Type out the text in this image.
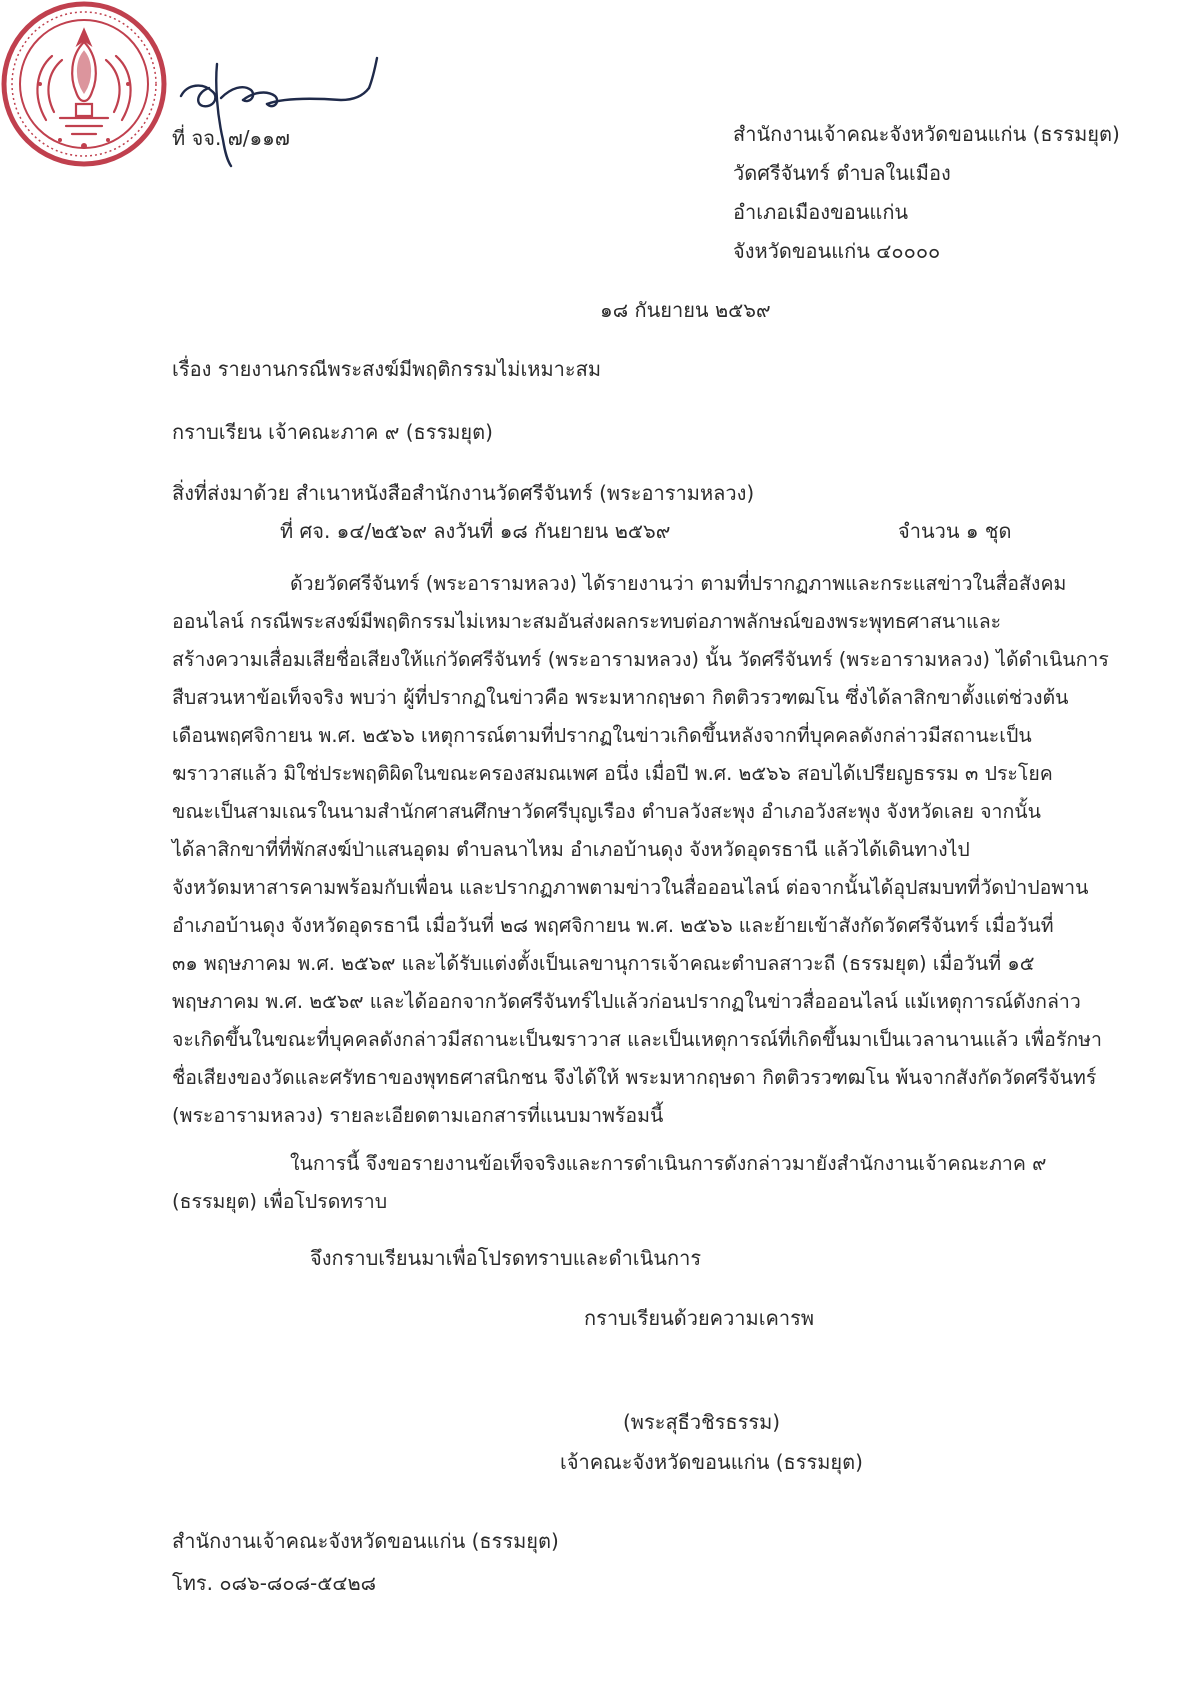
ที่ จจ. ๗/๑๑๗
	สำนักงานเจ้าคณะจังหวัดขอนแก่น (ธรรมยุต)
วัดศรีจันทร์ ตำบลในเมือง
อำเภอเมืองขอนแก่น
จังหวัดขอนแก่น ๔๐๐๐๐
๑๘ กันยายน ๒๕๖๙
เรื่อง รายงานกรณีพระสงฆ์มีพฤติกรรมไม่เหมาะสม
กราบเรียน เจ้าคณะภาค ๙ (ธรรมยุต)
สิ่งที่ส่งมาด้วย สำเนาหนังสือสำนักงานวัดศรีจันทร์ (พระอารามหลวง)
ที่ ศจ. ๑๔/๒๕๖๙ ลงวันที่ ๑๘ กันยายน ๒๕๖๙	จำนวน ๑ ชุด
ด้วยวัดศรีจันทร์ (พระอารามหลวง) ได้รายงานว่า ตามที่ปรากฏภาพและกระแสข่าวในสื่อสังคม
ออนไลน์ กรณีพระสงฆ์มีพฤติกรรมไม่เหมาะสมอันส่งผลกระทบต่อภาพลักษณ์ของพระพุทธศาสนาและ
สร้างความเสื่อมเสียชื่อเสียงให้แก่วัดศรีจันทร์ (พระอารามหลวง) นั้น วัดศรีจันทร์ (พระอารามหลวง) ได้ดำเนินการ
สืบสวนหาข้อเท็จจริง พบว่า ผู้ที่ปรากฏในข่าวคือ พระมหากฤษดา กิตติวรวฑฒโน ซึ่งได้ลาสิกขาตั้งแต่ช่วงต้น
เดือนพฤศจิกายน พ.ศ. ๒๕๖๖ เหตุการณ์ตามที่ปรากฏในข่าวเกิดขึ้นหลังจากที่บุคคลดังกล่าวมีสถานะเป็น
ฆราวาสแล้ว มิใช่ประพฤติผิดในขณะครองสมณเพศ อนึ่ง เมื่อปี พ.ศ. ๒๕๖๖ สอบได้เปรียญธรรม ๓ ประโยค
ขณะเป็นสามเณรในนามสำนักศาสนศึกษาวัดศรีบุญเรือง ตำบลวังสะพุง อำเภอวังสะพุง จังหวัดเลย จากนั้น
ได้ลาสิกขาที่ที่พักสงฆ์ป่าแสนอุดม ตำบลนาไหม อำเภอบ้านดุง จังหวัดอุดรธานี แล้วได้เดินทางไป
จังหวัดมหาสารคามพร้อมกับเพื่อน และปรากฏภาพตามข่าวในสื่อออนไลน์ ต่อจากนั้นได้อุปสมบทที่วัดป่าปอพาน
อำเภอบ้านดุง จังหวัดอุดรธานี เมื่อวันที่ ๒๘ พฤศจิกายน พ.ศ. ๒๕๖๖ และย้ายเข้าสังกัดวัดศรีจันทร์ เมื่อวันที่
๓๑ พฤษภาคม พ.ศ. ๒๕๖๙ และได้รับแต่งตั้งเป็นเลขานุการเจ้าคณะตำบลสาวะถี (ธรรมยุต) เมื่อวันที่ ๑๕
พฤษภาคม พ.ศ. ๒๕๖๙ และได้ออกจากวัดศรีจันทร์ไปแล้วก่อนปรากฏในข่าวสื่อออนไลน์ แม้เหตุการณ์ดังกล่าว
จะเกิดขึ้นในขณะที่บุคคลดังกล่าวมีสถานะเป็นฆราวาส และเป็นเหตุการณ์ที่เกิดขึ้นมาเป็นเวลานานแล้ว เพื่อรักษา
ชื่อเสียงของวัดและศรัทธาของพุทธศาสนิกชน จึงได้ให้ พระมหากฤษดา กิตติวรวฑฒโน พ้นจากสังกัดวัดศรีจันทร์
(พระอารามหลวง) รายละเอียดตามเอกสารที่แนบมาพร้อมนี้
ในการนี้ จึงขอรายงานข้อเท็จจริงและการดำเนินการดังกล่าวมายังสำนักงานเจ้าคณะภาค ๙
(ธรรมยุต) เพื่อโปรดทราบ
จึงกราบเรียนมาเพื่อโปรดทราบและดำเนินการ
กราบเรียนด้วยความเคารพ
(พระสุธีวชิรธรรม)
เจ้าคณะจังหวัดขอนแก่น (ธรรมยุต)
สำนักงานเจ้าคณะจังหวัดขอนแก่น (ธรรมยุต)
โทร. ๐๘๖-๘๐๘-๕๔๒๘
